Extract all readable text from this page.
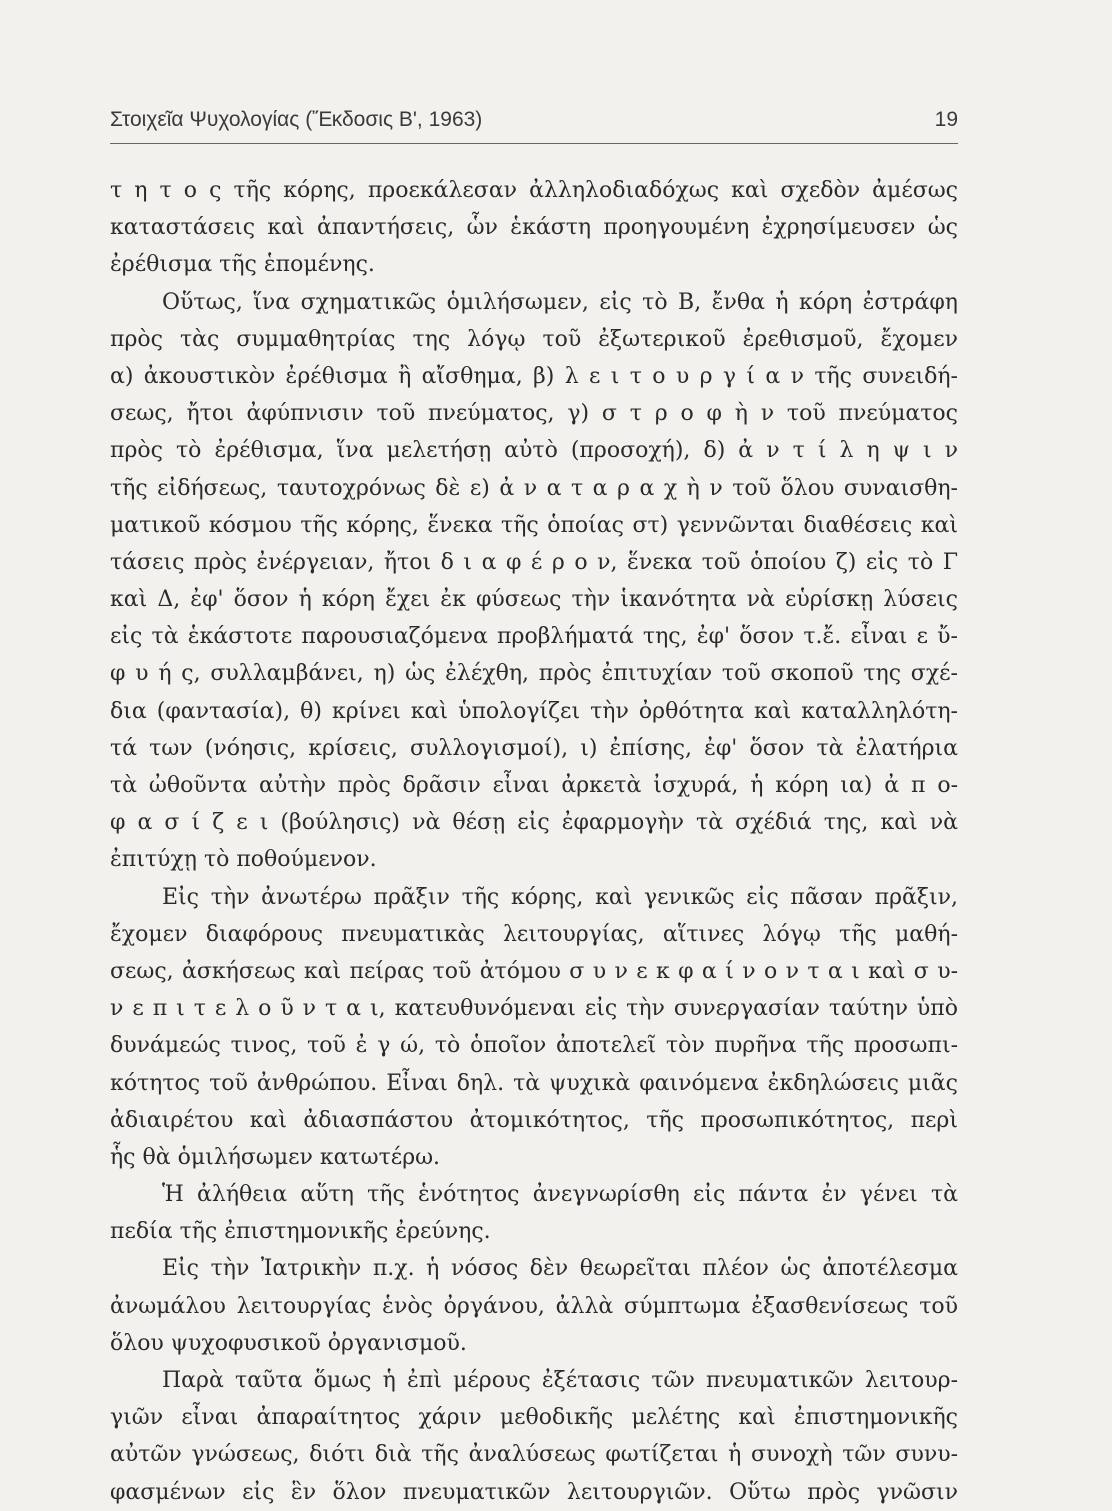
Στοιχεῖα Ψυχολογίας (Ἔκδοσις Β', 1963)	19
τ η τ ο ς τῆς κόρης, προεκάλεσαν ἀλληλοδιαδόχως καὶ σχεδὸν ἀμέσως
καταστάσεις καὶ ἀπαντήσεις, ὧν ἑκάστη προηγουμένη ἐχρησίμευσεν ὡς
ἐρέθισμα τῆς ἑπομένης.
Οὕτως, ἵνα σχηματικῶς ὁμιλήσωμεν, εἰς τὸ Β, ἔνθα ἡ κόρη ἐστράφη
πρὸς τὰς συμμαθητρίας της λόγῳ τοῦ ἐξωτερικοῦ ἐρεθισμοῦ, ἔχομεν
α) ἀκουστικὸν ἐρέθισμα ἢ αἴσθημα, β) λ ε ι τ ο υ ρ γ ί α ν τῆς συνειδή-
σεως, ἤτοι ἀφύπνισιν τοῦ πνεύματος, γ) σ τ ρ ο φ ὴ ν τοῦ πνεύματος
πρὸς τὸ ἐρέθισμα, ἵνα μελετήσῃ αὐτὸ (προσοχή), δ) ἀ ν τ ί λ η ψ ι ν
τῆς εἰδήσεως, ταυτοχρόνως δὲ ε) ἀ ν α τ α ρ α χ ὴ ν τοῦ ὅλου συναισθη-
ματικοῦ κόσμου τῆς κόρης, ἕνεκα τῆς ὁποίας στ) γεννῶνται διαθέσεις καὶ
τάσεις πρὸς ἐνέργειαν, ἤτοι δ ι α φ έ ρ ο ν, ἕνεκα τοῦ ὁποίου ζ) εἰς τὸ Γ
καὶ Δ, ἐφ' ὅσον ἡ κόρη ἔχει ἐκ φύσεως τὴν ἱκανότητα νὰ εὑρίσκῃ λύσεις
εἰς τὰ ἑκάστοτε παρουσιαζόμενα προβλήματά της, ἐφ' ὅσον τ.ἔ. εἶναι ε ὔ-
φ υ ή ς, συλλαμβάνει, η) ὡς ἐλέχθη, πρὸς ἐπιτυχίαν τοῦ σκοποῦ της σχέ-
δια (φαντασία), θ) κρίνει καὶ ὑπολογίζει τὴν ὀρθότητα καὶ καταλληλότη-
τά των (νόησις, κρίσεις, συλλογισμοί), ι) ἐπίσης, ἐφ' ὅσον τὰ ἐλατήρια
τὰ ὠθοῦντα αὐτὴν πρὸς δρᾶσιν εἶναι ἀρκετὰ ἰσχυρά, ἡ κόρη ια) ἀ π ο-
φ α σ ί ζ ε ι (βούλησις) νὰ θέσῃ εἰς ἐφαρμογὴν τὰ σχέδιά της, καὶ νὰ
ἐπιτύχῃ τὸ ποθούμενον.
Εἰς τὴν ἀνωτέρω πρᾶξιν τῆς κόρης, καὶ γενικῶς εἰς πᾶσαν πρᾶξιν,
ἔχομεν διαφόρους πνευματικὰς λειτουργίας, αἵτινες λόγῳ τῆς μαθή-
σεως, ἀσκήσεως καὶ πείρας τοῦ ἀτόμου σ υ ν ε κ φ α ί ν ο ν τ α ι καὶ σ υ-
ν ε π ι τ ε λ ο ῦ ν τ α ι, κατευθυνόμεναι εἰς τὴν συνεργασίαν ταύτην ὑπὸ
δυνάμεώς τινος, τοῦ ἐ γ ώ, τὸ ὁποῖον ἀποτελεῖ τὸν πυρῆνα τῆς προσωπι-
κότητος τοῦ ἀνθρώπου. Εἶναι δηλ. τὰ ψυχικὰ φαινόμενα ἐκδηλώσεις μιᾶς
ἀδιαιρέτου καὶ ἀδιασπάστου ἀτομικότητος, τῆς προσωπικότητος, περὶ
ἧς θὰ ὁμιλήσωμεν κατωτέρω.
Ἡ ἀλήθεια αὕτη τῆς ἑνότητος ἀνεγνωρίσθη εἰς πάντα ἐν γένει τὰ
πεδία τῆς ἐπιστημονικῆς ἐρεύνης.
Εἰς τὴν Ἰατρικὴν π.χ. ἡ νόσος δὲν θεωρεῖται πλέον ὡς ἀποτέλεσμα
ἀνωμάλου λειτουργίας ἑνὸς ὀργάνου, ἀλλὰ σύμπτωμα ἐξασθενίσεως τοῦ
ὅλου ψυχοφυσικοῦ ὀργανισμοῦ.
Παρὰ ταῦτα ὅμως ἡ ἐπὶ μέρους ἐξέτασις τῶν πνευματικῶν λειτουρ-
γιῶν εἶναι ἀπαραίτητος χάριν μεθοδικῆς μελέτης καὶ ἐπιστημονικῆς
αὐτῶν γνώσεως, διότι διὰ τῆς ἀναλύσεως φωτίζεται ἡ συνοχὴ τῶν συνυ-
φασμένων εἰς ἓν ὅλον πνευματικῶν λειτουργιῶν. Οὕτω πρὸς γνῶσιν
